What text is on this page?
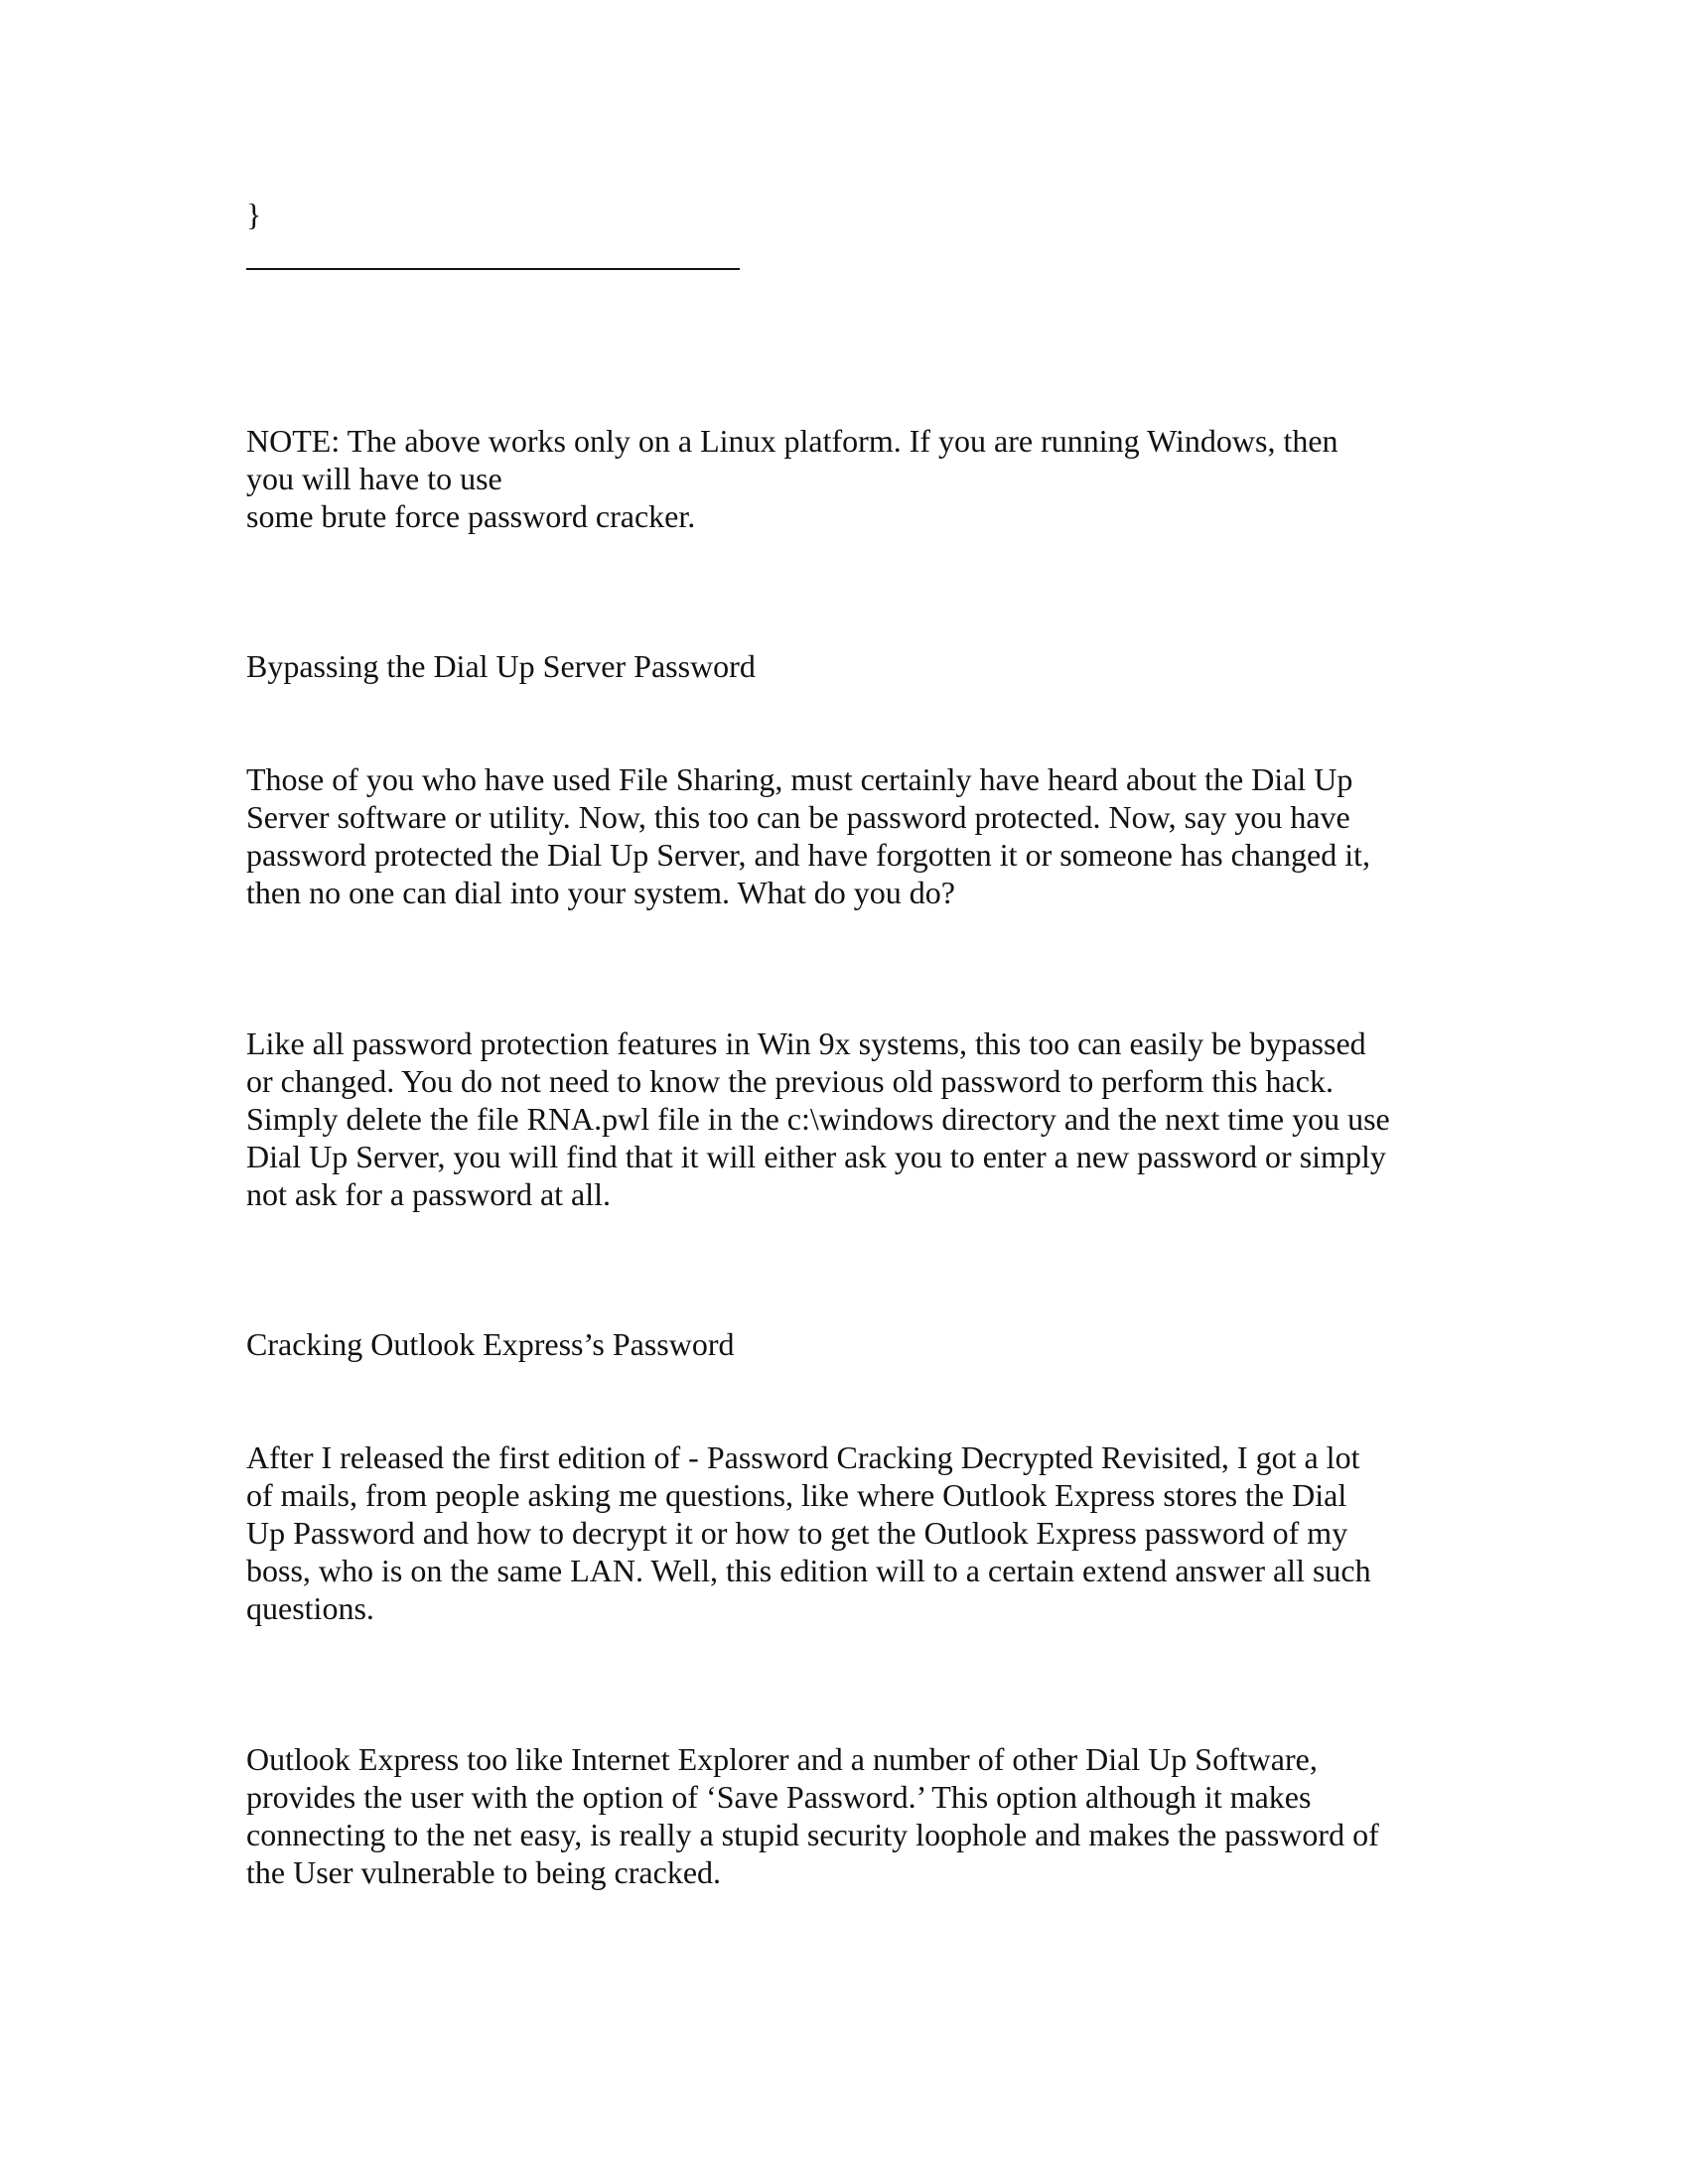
}

NOTE: The above works only on a Linux platform. If you are running Windows, then

you will have to use

some brute force password cracker.

Bypassing the Dial Up Server Password

Those of you who have used File Sharing, must certainly have heard about the Dial Up

Server software or utility. Now, this too can be password protected. Now, say you have

password protected the Dial Up Server, and have forgotten it or someone has changed it,

then no one can dial into your system. What do you do?

Like all password protection features in Win 9x systems, this too can easily be bypassed

or changed. You do not need to know the previous old password to perform this hack.

Simply delete the file RNA.pwl file in the c:\windows directory and the next time you use

Dial Up Server, you will find that it will either ask you to enter a new password or simply

not ask for a password at all.

Cracking Outlook Express’s Password

After I released the first edition of - Password Cracking Decrypted Revisited, I got a lot

of mails, from people asking me questions, like where Outlook Express stores the Dial

Up Password and how to decrypt it or how to get the Outlook Express password of my

boss, who is on the same LAN. Well, this edition will to a certain extend answer all such

questions.

Outlook Express too like Internet Explorer and a number of other Dial Up Software,

provides the user with the option of ‘Save Password.’ This option although it makes

connecting to the net easy, is really a stupid security loophole and makes the password of

the User vulnerable to being cracked.
